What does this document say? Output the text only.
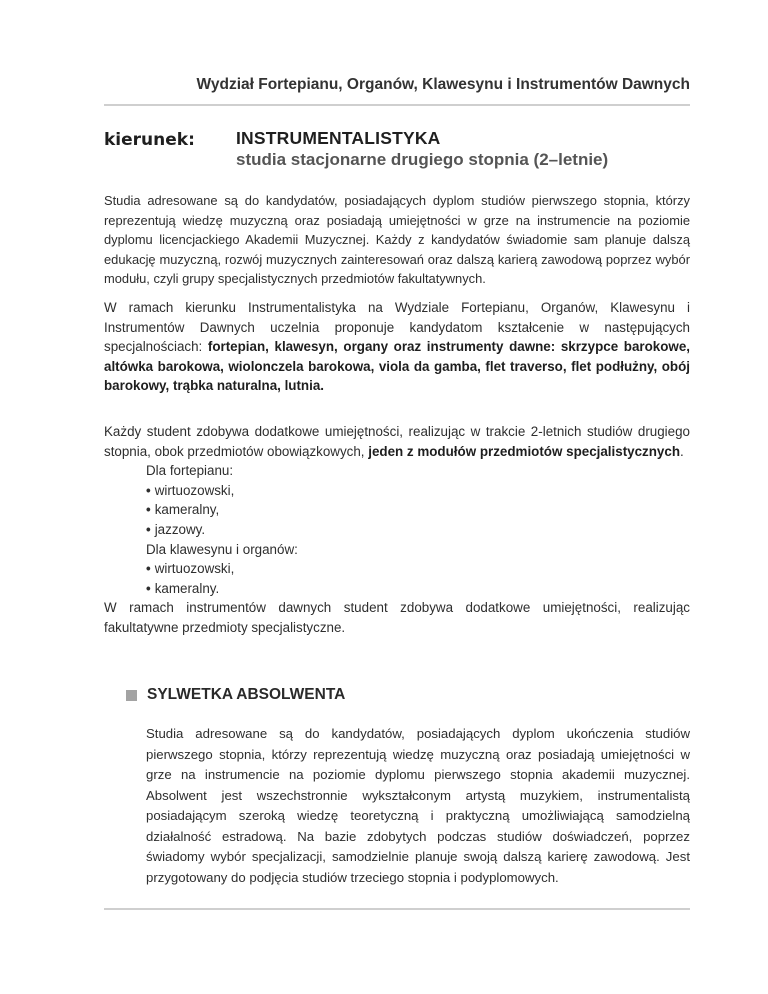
Wydział Fortepianu, Organów, Klawesynu i Instrumentów Dawnych
kierunek: INSTRUMENTALISTYKA
studia stacjonarne drugiego stopnia (2–letnie)

Studia adresowane są do kandydatów, posiadających dyplom studiów pierwszego stopnia, którzy reprezentują wiedzę muzyczną oraz posiadają umiejętności w grze na instrumencie na poziomie dyplomu licencjackiego Akademii Muzycznej. Każdy z kandydatów świadomie sam planuje dalszą edukację muzyczną, rozwój muzycznych zainteresowań oraz dalszą karierą zawodową poprzez wybór modułu, czyli grupy specjalistycznych przedmiotów fakultatywnych.

W ramach kierunku Instrumentalistyka na Wydziale Fortepianu, Organów, Klawesynu i Instrumentów Dawnych uczelnia proponuje kandydatom kształcenie w następujących specjalnościach: fortepian, klawesyn, organy oraz instrumenty dawne: skrzypce barokowe, altówka barokowa, wiolonczela barokowa, viola da gamba, flet traverso, flet podłużny, obój barokowy, trąbka naturalna, lutnia.

Każdy student zdobywa dodatkowe umiejętności, realizując w trakcie 2-letnich studiów drugiego stopnia, obok przedmiotów obowiązkowych, jeden z modułów przedmiotów specjalistycznych.

Dla fortepianu:
• wirtuozowski,
• kameralny,
• jazzowy.
Dla klawesynu i organów:
• wirtuozowski,
• kameralny.

W ramach instrumentów dawnych student zdobywa dodatkowe umiejętności, realizując fakultatywne przedmioty specjalistyczne.

SYLWETKA ABSOLWENTA

Studia adresowane są do kandydatów, posiadających dyplom ukończenia studiów pierwszego stopnia, którzy reprezentują wiedzę muzyczną oraz posiadają umiejętności w grze na instrumencie na poziomie dyplomu pierwszego stopnia akademii muzycznej. Absolwent jest wszechstronnie wykształconym artystą muzykiem, instrumentalistą posiadającym szeroką wiedzę teoretyczną i praktyczną umożliwiającą samodzielną działalność estradową. Na bazie zdobytych podczas studiów doświadczeń, poprzez świadomy wybór specjalizacji, samodzielnie planuje swoją dalszą karierę zawodową. Jest przygotowany do podjęcia studiów trzeciego stopnia i podyplomowych.
